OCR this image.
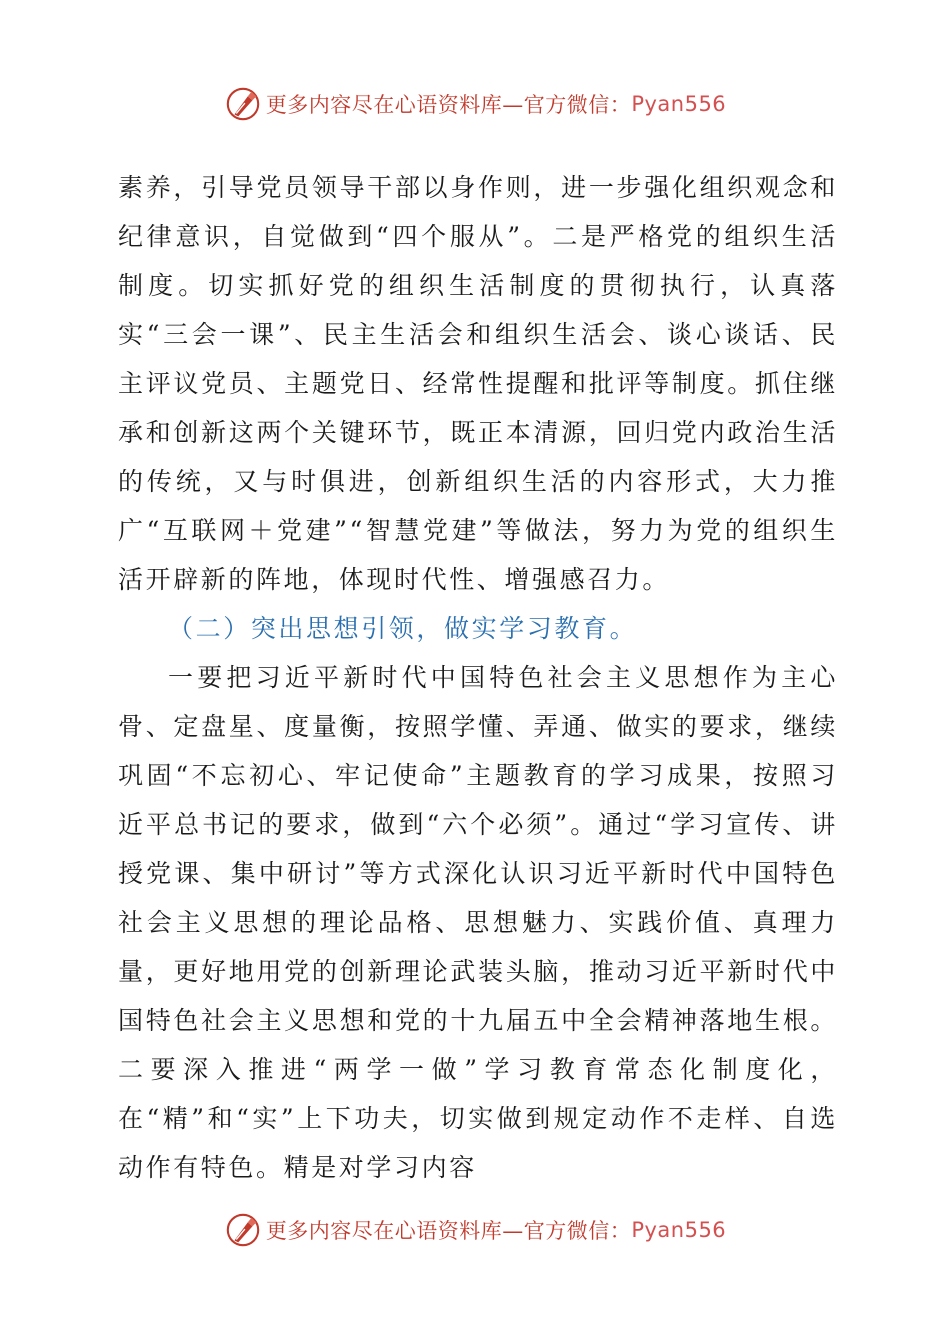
更多内容尽在心语资料库—官方微信： Pyan556

素养，引导党员领导干部以身作则，进一步强化组织观念和纪律意识，自觉做到“四个服从”。二是严格党的组织生活制度。切实抓好党的组织生活制度的贯彻执行，认真落实“三会一课”、民主生活会和组织生活会、谈心谈话、民主评议党员、主题党日、经常性提醒和批评等制度。抓住继承和创新这两个关键环节，既正本清源，回归党内政治生活的传统，又与时俱进，创新组织生活的内容形式，大力推广“互联网＋党建”“智慧党建”等做法，努力为党的组织生活开辟新的阵地，体现时代性、增强感召力。

（二）突出思想引领，做实学习教育。

一要把习近平新时代中国特色社会主义思想作为主心骨、定盘星、度量衡，按照学懂、弄通、做实的要求，继续巩固“不忘初心、牢记使命”主题教育的学习成果，按照习近平总书记的要求，做到“六个必须”。通过“学习宣传、讲授党课、集中研讨”等方式深化认识习近平新时代中国特色社会主义思想的理论品格、思想魅力、实践价值、真理力量，更好地用党的创新理论武装头脑，推动习近平新时代中国特色社会主义思想和党的十九届五中全会精神落地生根。二要深入推进“两学一做”学习教育常态化制度化，在“精”和“实”上下功夫，切实做到规定动作不走样、自选动作有特色。精是对学习内容

更多内容尽在心语资料库—官方微信： Pyan556
